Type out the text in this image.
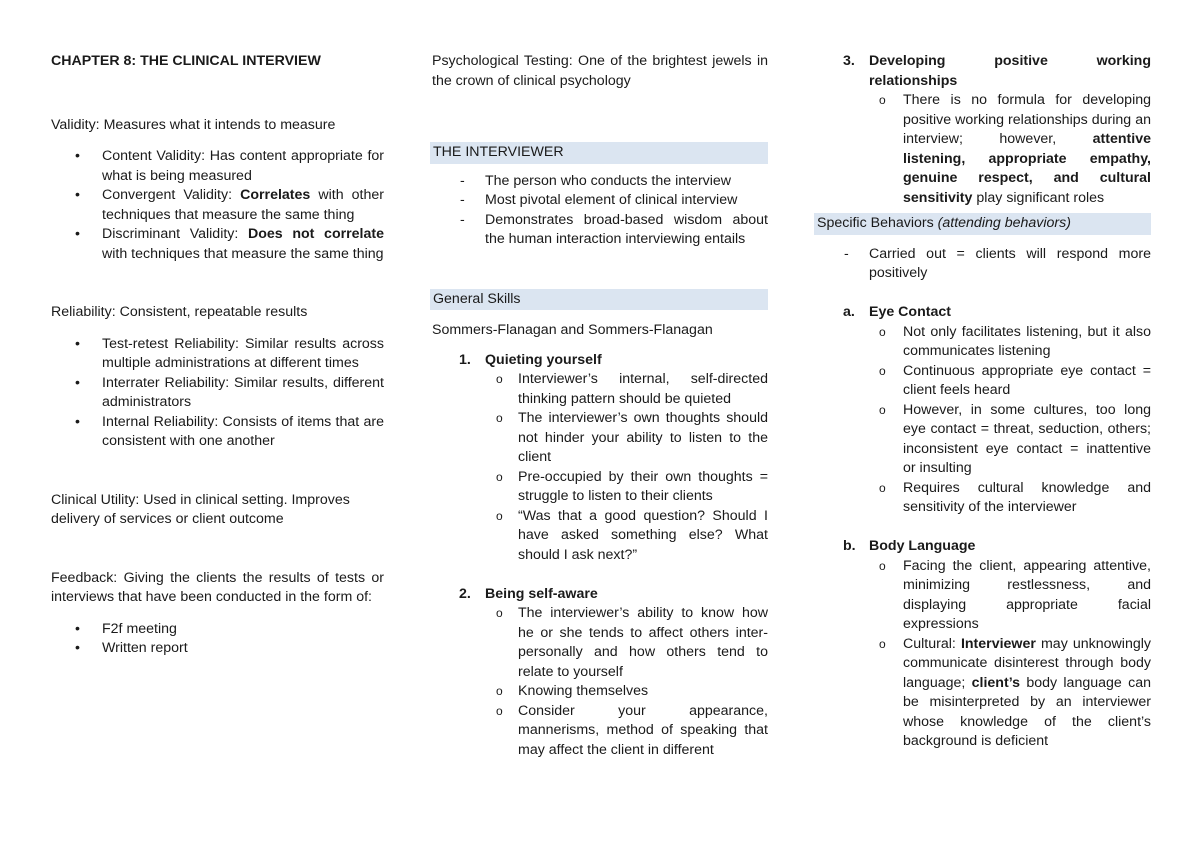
CHAPTER 8: THE CLINICAL INTERVIEW

Validity: Measures what it intends to measure

• Content Validity: Has content appropriate for what is being measured
• Convergent Validity: Correlates with other techniques that measure the same thing
• Discriminant Validity: Does not correlate with techniques that measure the same thing

Reliability: Consistent, repeatable results

• Test-retest Reliability: Similar results across multiple administrations at different times
• Interrater Reliability: Similar results, different administrators
• Internal Reliability: Consists of items that are consistent with one another

Clinical Utility: Used in clinical setting. Improves delivery of services or client outcome

Feedback: Giving the clients the results of tests or interviews that have been conducted in the form of:

• F2f meeting
• Written report

Psychological Testing: One of the brightest jewels in the crown of clinical psychology

THE INTERVIEWER

- The person who conducts the interview
- Most pivotal element of clinical interview
- Demonstrates broad-based wisdom about the human interaction interviewing entails

General Skills

Sommers-Flanagan and Sommers-Flanagan

1. Quieting yourself
o Interviewer’s internal, self-directed thinking pattern should be quieted
o The interviewer’s own thoughts should not hinder your ability to listen to the client
o Pre-occupied by their own thoughts = struggle to listen to their clients
o “Was that a good question? Should I have asked something else? What should I ask next?”
2. Being self-aware
o The interviewer’s ability to know how he or she tends to affect others inter-personally and how others tend to relate to yourself
o Knowing themselves
o Consider your appearance, mannerisms, method of speaking that may affect the client in different
3. Developing positive working relationships
o There is no formula for developing positive working relationships during an interview; however, attentive listening, appropriate empathy, genuine respect, and cultural sensitivity play significant roles

Specific Behaviors (attending behaviors)

- Carried out = clients will respond more positively
a. Eye Contact
o Not only facilitates listening, but it also communicates listening
o Continuous appropriate eye contact = client feels heard
o However, in some cultures, too long eye contact = threat, seduction, others; inconsistent eye contact = inattentive or insulting
o Requires cultural knowledge and sensitivity of the interviewer
b. Body Language
o Facing the client, appearing attentive, minimizing restlessness, and displaying appropriate facial expressions
o Cultural: Interviewer may unknowingly communicate disinterest through body language; client’s body language can be misinterpreted by an interviewer whose knowledge of the client’s background is deficient
